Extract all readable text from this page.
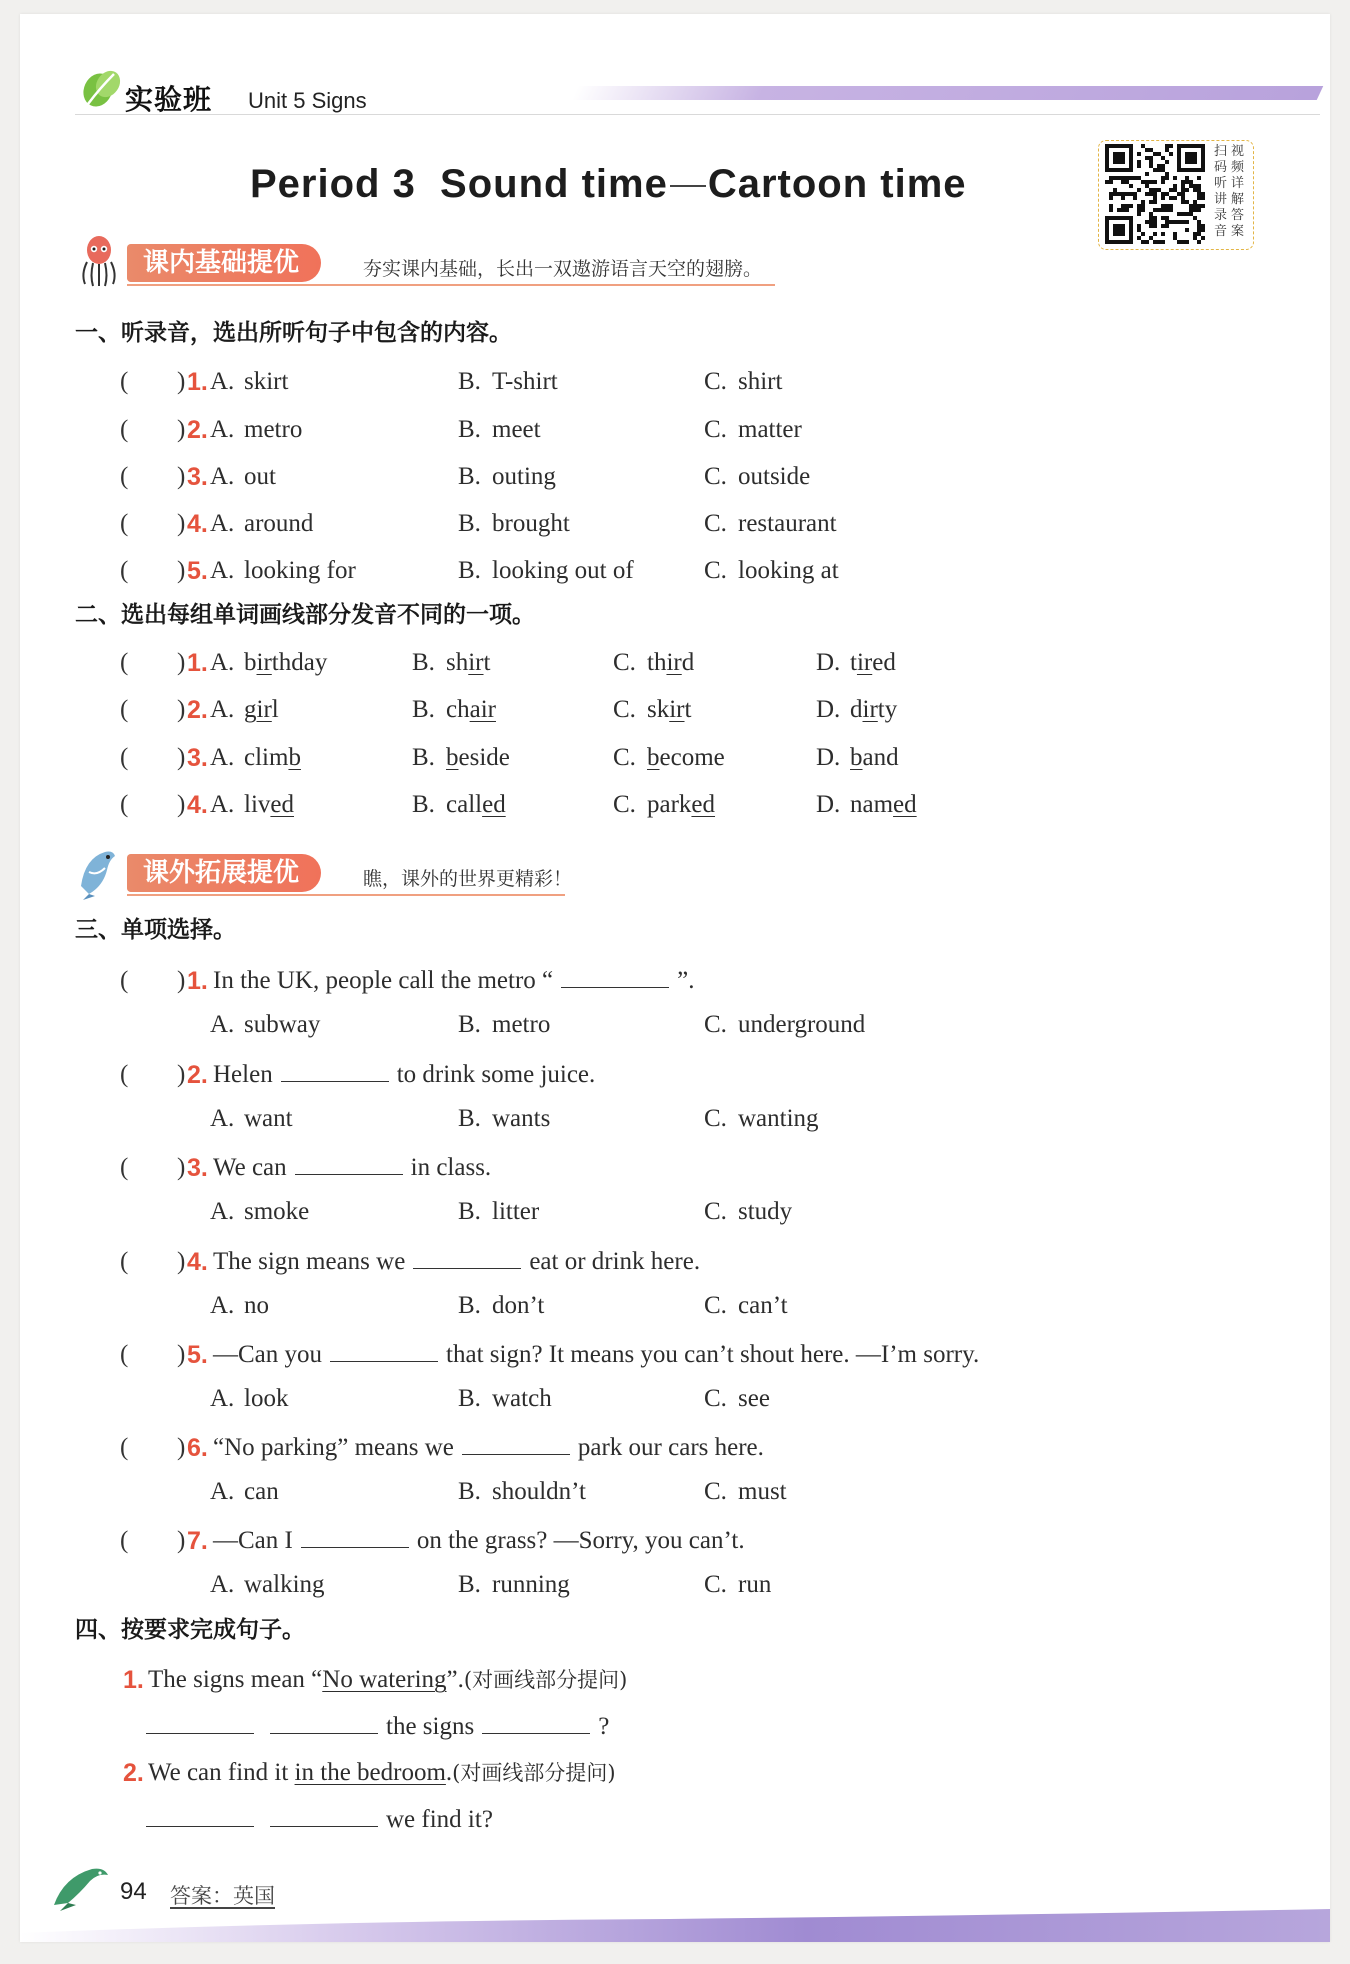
实验班 Unit 5 Signs
Period 3  Sound time Cartoon time
扫码视频听讲详解录音答案
课内基础提优	夯实课内基础，长出一双遨游语言天空的翅膀。
一、听录音，选出所听句子中包含的内容。
( ) 1. A. skirt	B. T-shirt	C. shirt
( ) 2. A. metro	B. meet	C. matter
( ) 3. A. out	B. outing	C. outside
( ) 4. A. around	B. brought	C. restaurant
( ) 5. A. looking for	B. looking out of	C. looking at
二、选出每组单词画线部分发音不同的一项。
( ) 1. A. birthday	B. shirt	C. third	D. tired
( ) 2. A. girl	B. chair	C. skirt	D. dirty
( ) 3. A. climb	B. beside	C. become	D. band
( ) 4. A. lived	B. called	C. parked	D. named
课外拓展提优	瞧，课外的世界更精彩！
三、单项选择。
( ) 1. In the UK, people call the metro “	”.
A. subway	B. metro	C. underground
( ) 2. Helen	to drink some juice.
A. want	B. wants	C. wanting
( ) 3. We can	in class.
A. smoke	B. litter	C. study
( ) 4. The sign means we	eat or drink here.
A. no	B. don’t	C. can’t
( ) 5. —Can you	that sign? It means you can’t shout here. —I’m sorry.
A. look	B. watch	C. see
( ) 6. “No parking” means we	park our cars here.
A. can	B. shouldn’t	C. must
( ) 7. —Can I	on the grass? —Sorry, you can’t.
A. walking	B. running	C. run
四、按要求完成句子。
1. The signs mean “No watering”.(对画线部分提问)
the signs	?
2. We can find it in the bedroom.(对画线部分提问)
we find it?
94 答案：英国
